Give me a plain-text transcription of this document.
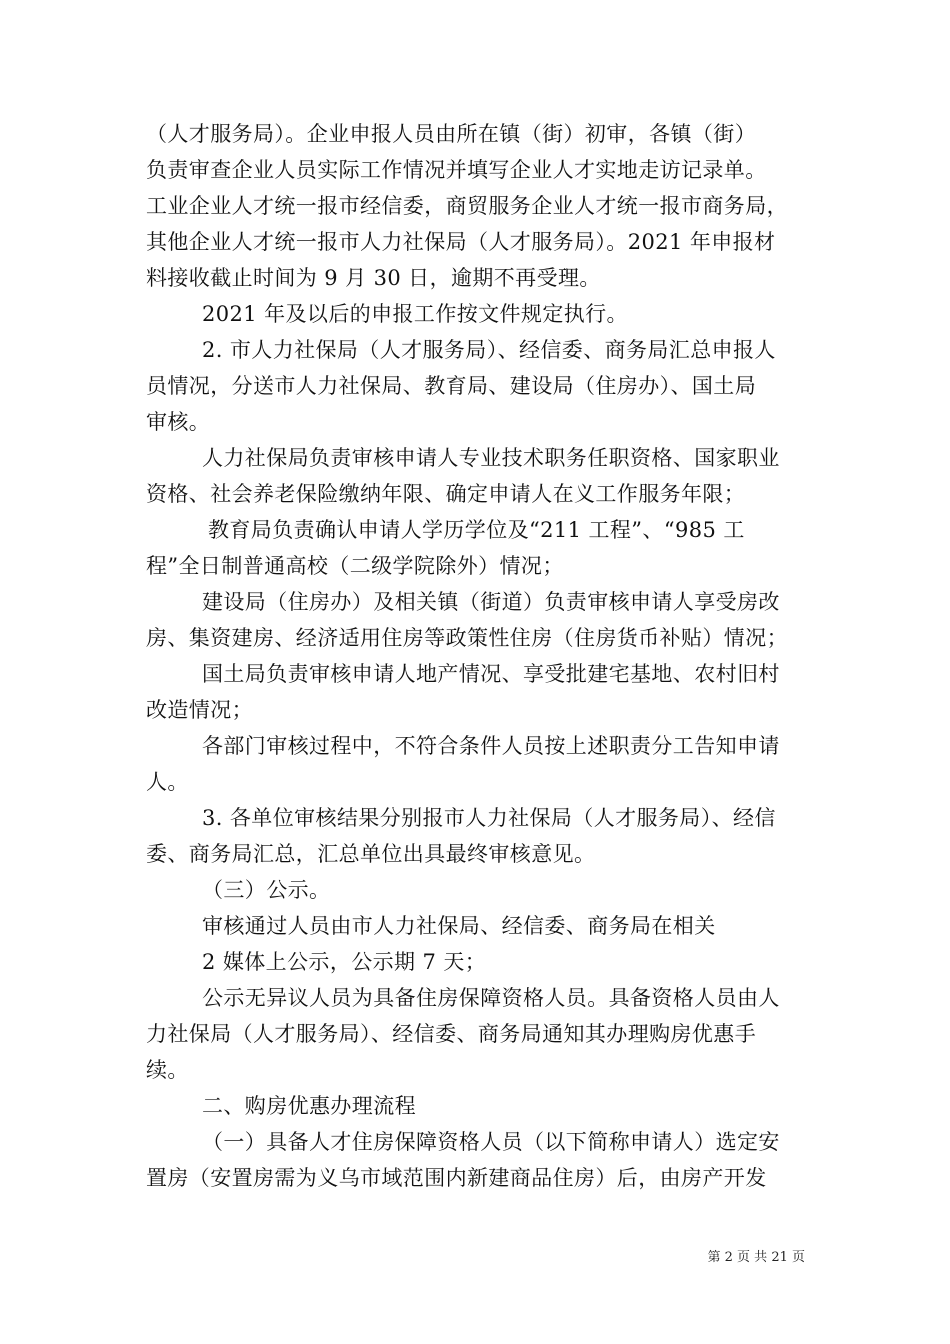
（人才服务局）。企业申报人员由所在镇（街）初审，各镇（街）
负责审查企业人员实际工作情况并填写企业人才实地走访记录单。
工业企业人才统一报市经信委，商贸服务企业人才统一报市商务局，
其他企业人才统一报市人力社保局（人才服务局）。2021 年申报材
料接收截止时间为 9 月 30 日，逾期不再受理。
2021 年及以后的申报工作按文件规定执行。
2. 市人力社保局（人才服务局）、经信委、商务局汇总申报人
员情况，分送市人力社保局、教育局、建设局（住房办）、国土局
审核。
人力社保局负责审核申请人专业技术职务任职资格、国家职业
资格、社会养老保险缴纳年限、确定申请人在义工作服务年限；
教育局负责确认申请人学历学位及“211 工程”、“985 工
程”全日制普通高校（二级学院除外）情况；
建设局（住房办）及相关镇（街道）负责审核申请人享受房改
房、集资建房、经济适用住房等政策性住房（住房货币补贴）情况；
国土局负责审核申请人地产情况、享受批建宅基地、农村旧村
改造情况；
各部门审核过程中，不符合条件人员按上述职责分工告知申请
人。
3. 各单位审核结果分别报市人力社保局（人才服务局）、经信
委、商务局汇总，汇总单位出具最终审核意见。
（三）公示。
审核通过人员由市人力社保局、经信委、商务局在相关
2 媒体上公示，公示期 7 天；
公示无异议人员为具备住房保障资格人员。具备资格人员由人
力社保局（人才服务局）、经信委、商务局通知其办理购房优惠手
续。
二、购房优惠办理流程
（一）具备人才住房保障资格人员（以下简称申请人）选定安
置房（安置房需为义乌市域范围内新建商品住房）后，由房产开发
第 2 页 共 21 页
